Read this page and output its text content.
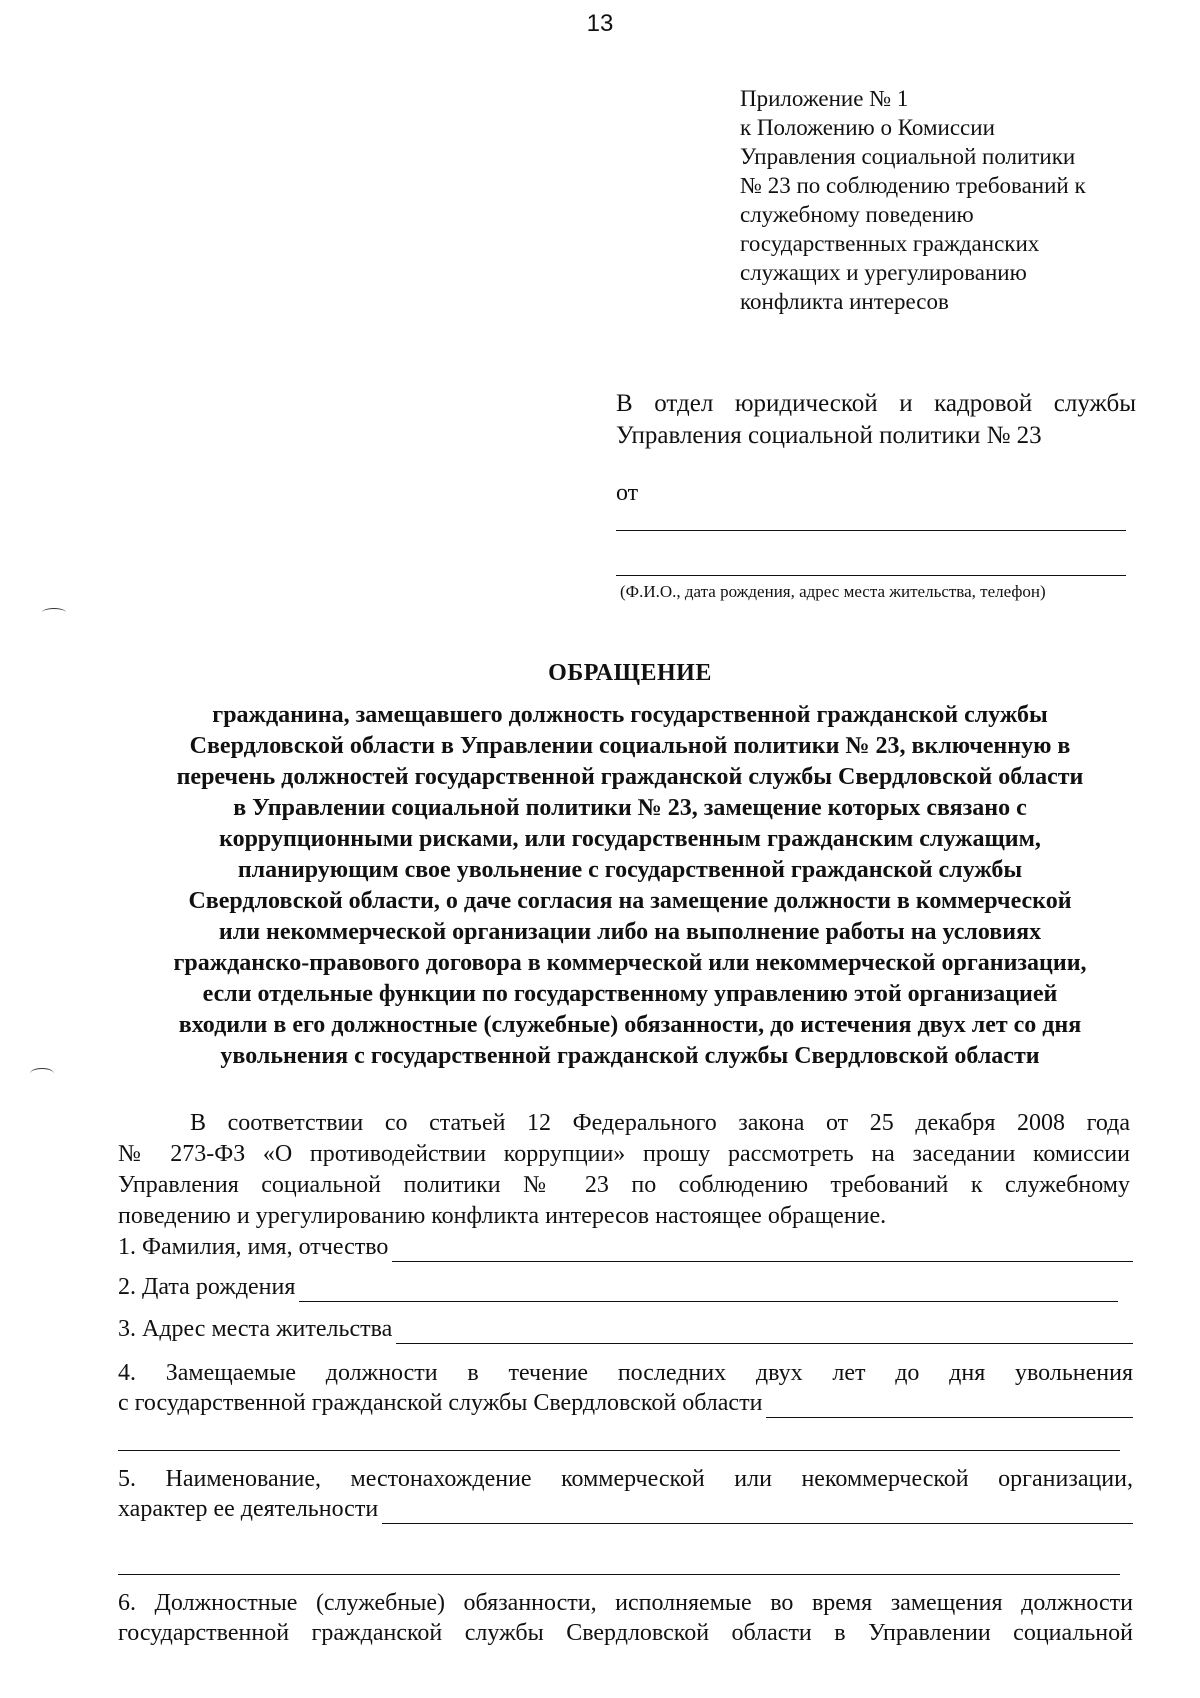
13
Приложение № 1
к Положению о Комиссии
Управления социальной политики
№ 23 по соблюдению требований к
служебному поведению
государственных гражданских
служащих и урегулированию
конфликта интересов
В отдел юридической и кадровой службы
Управления социальной политики № 23
от
(Ф.И.О., дата рождения, адрес места жительства, телефон)
ОБРАЩЕНИЕ
гражданина, замещавшего должность государственной гражданской службы
Свердловской области в Управлении социальной политики № 23, включенную в
перечень должностей государственной гражданской службы Свердловской области
в Управлении социальной политики № 23, замещение которых связано с
коррупционными рисками, или государственным гражданским служащим,
планирующим свое увольнение с государственной гражданской службы
Свердловской области, о даче согласия на замещение должности в коммерческой
или некоммерческой организации либо на выполнение работы на условиях
гражданско-правового договора в коммерческой или некоммерческой организации,
если отдельные функции по государственному управлению этой организацией
входили в его должностные (служебные) обязанности, до истечения двух лет со дня
увольнения с государственной гражданской службы Свердловской области
В соответствии со статьей 12 Федерального закона от 25 декабря 2008 года
№ 273-ФЗ «О противодействии коррупции» прошу рассмотреть на заседании комиссии
Управления социальной политики № 23 по соблюдению требований к служебному
поведению и урегулированию конфликта интересов настоящее обращение.
1. Фамилия, имя, отчество
2. Дата рождения
3. Адрес места жительства
4. Замещаемые должности в течение последних двух лет до дня увольнения
с государственной гражданской службы Свердловской области
5. Наименование, местонахождение коммерческой или некоммерческой организации,
характер ее деятельности
6. Должностные (служебные) обязанности, исполняемые во время замещения должности
государственной гражданской службы Свердловской области в Управлении социальной
